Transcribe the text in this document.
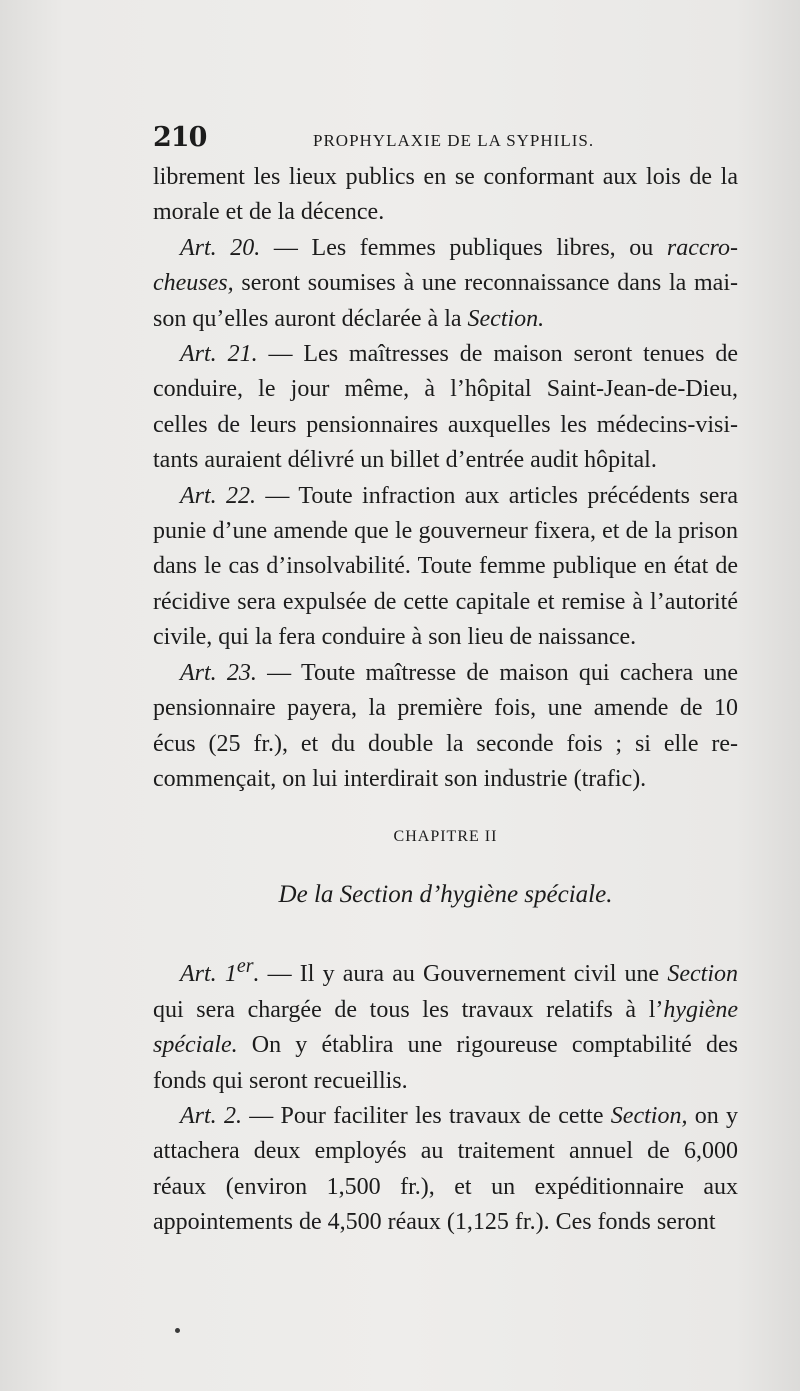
210	PROPHYLAXIE DE LA SYPHILIS.

librement les lieux publics en se conformant aux lois de la morale et de la décence.

Art. 20. — Les femmes publiques libres, ou raccrocheuses, seront soumises à une reconnaissance dans la maison qu’elles auront déclarée à la Section.

Art. 21. — Les maîtresses de maison seront tenues de conduire, le jour même, à l’hôpital Saint-Jean-de-Dieu, celles de leurs pensionnaires auxquelles les médecins-visitants auraient délivré un billet d’entrée audit hôpital.

Art. 22. — Toute infraction aux articles précédents sera punie d’une amende que le gouverneur fixera, et de la prison dans le cas d’insolvabilité. Toute femme publique en état de récidive sera expulsée de cette capitale et remise à l’autorité civile, qui la fera conduire à son lieu de naissance.

Art. 23. — Toute maîtresse de maison qui cachera une pensionnaire payera, la première fois, une amende de 10 écus (25 fr.), et du double la seconde fois ; si elle recommençait, on lui interdirait son industrie (trafic).

CHAPITRE II
De la Section d’hygiène spéciale.

Art. 1er. — Il y aura au Gouvernement civil une Section qui sera chargée de tous les travaux relatifs à l’hygiène spéciale. On y établira une rigoureuse comptabilité des fonds qui seront recueillis.

Art. 2. — Pour faciliter les travaux de cette Section, on y attachera deux employés au traitement annuel de 6,000 réaux (environ 1,500 fr.), et un expéditionnaire aux appointements de 4,500 réaux (1,125 fr.). Ces fonds seront
